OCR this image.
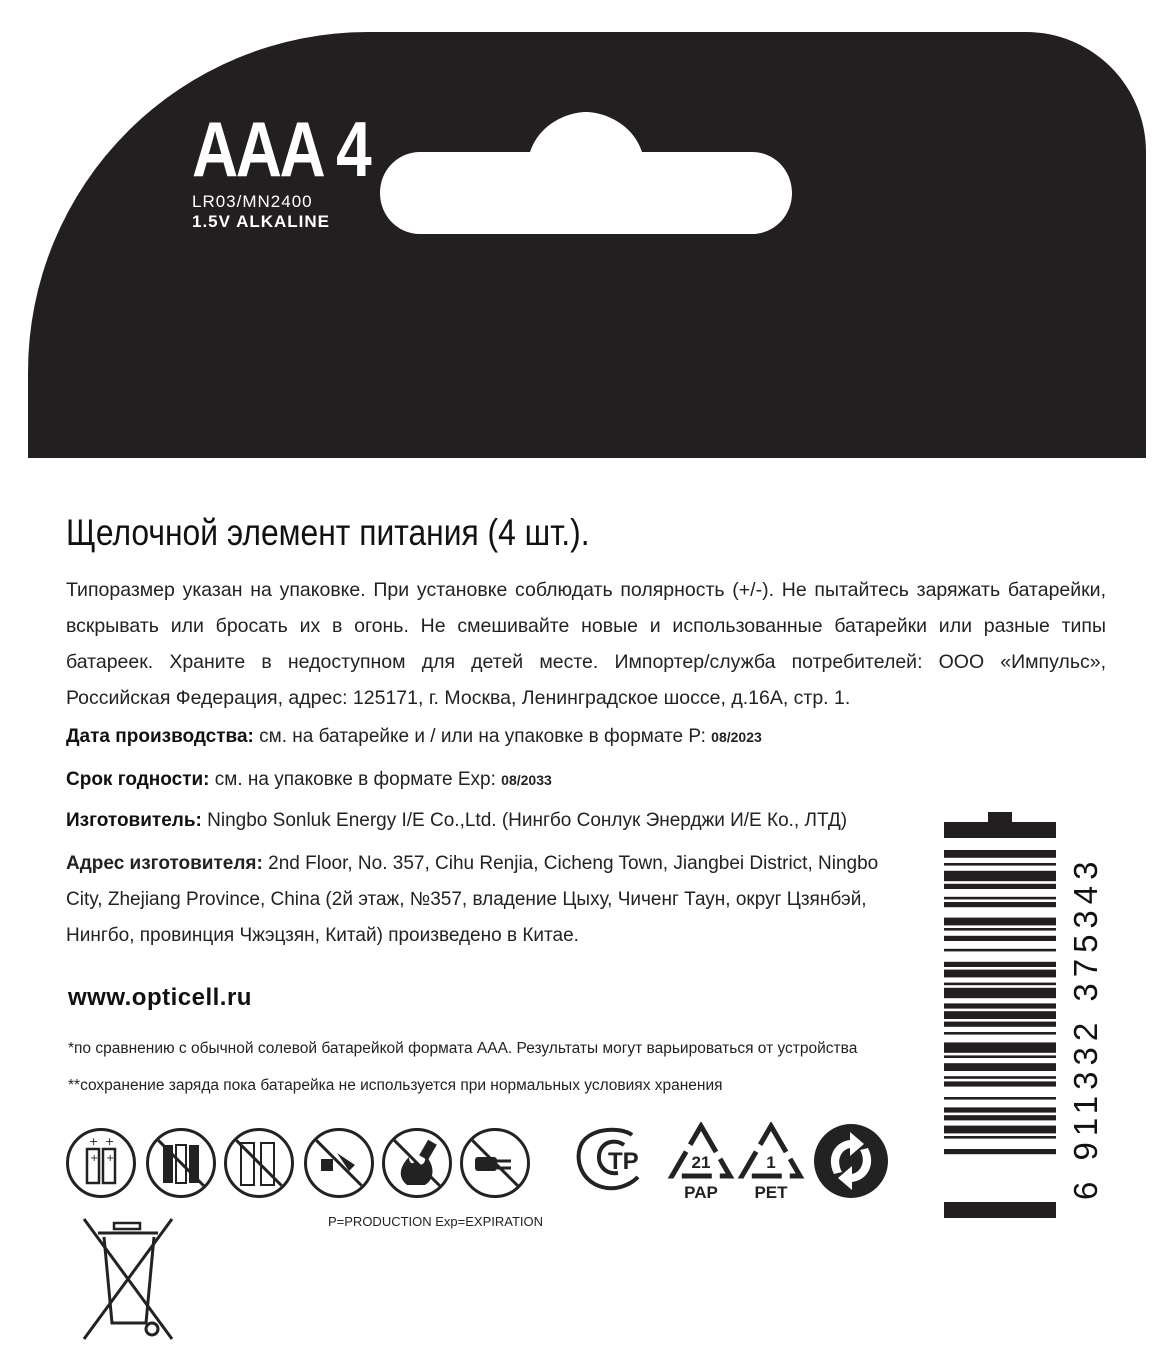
AAA 4
LR03/MN2400
1.5V ALKALINE
Щелочной элемент питания (4 шт.).
Типоразмер указан на упаковке. При установке соблюдать полярность (+/-). Не пытайтесь заряжать батарейки, вскрывать или бросать их в огонь. Не смешивайте новые и использованные батарейки или разные типы батареек. Храните в недоступном для детей месте. Импортер/служба потребителей: ООО «Импульс», Российская Федерация, адрес: 125171, г. Москва, Ленинградское шоссе, д.16А, стр. 1.
Дата производства: см. на батарейке и / или на упаковке в формате Р: 08/2023
Срок годности: см. на упаковке в формате Exp: 08/2033
Изготовитель: Ningbo Sonluk Energy I/E Co.,Ltd. (Нингбо Сонлук Энерджи И/Е Ко., ЛТД)
Адрес изготовителя: 2nd Floor, No. 357, Cihu Renjia, Cicheng Town, Jiangbei District, Ningbo City, Zhejiang Province, China (2й этаж, №357, владение Цыху, Чиченг Таун, округ Цзянбэй, Нингбо, провинция Чжэцзян, Китай) произведено в Китае.
www.opticell.ru
*по сравнению с обычной солевой батарейкой формата ААА. Результаты могут варьироваться от устройства
**сохранение заряда пока батарейка не используется при нормальных условиях хранения
+ +
+ +
P=PRODUCTION Exp=EXPIRATION
TP	21
PAP
1
PET	6 911332 375343
